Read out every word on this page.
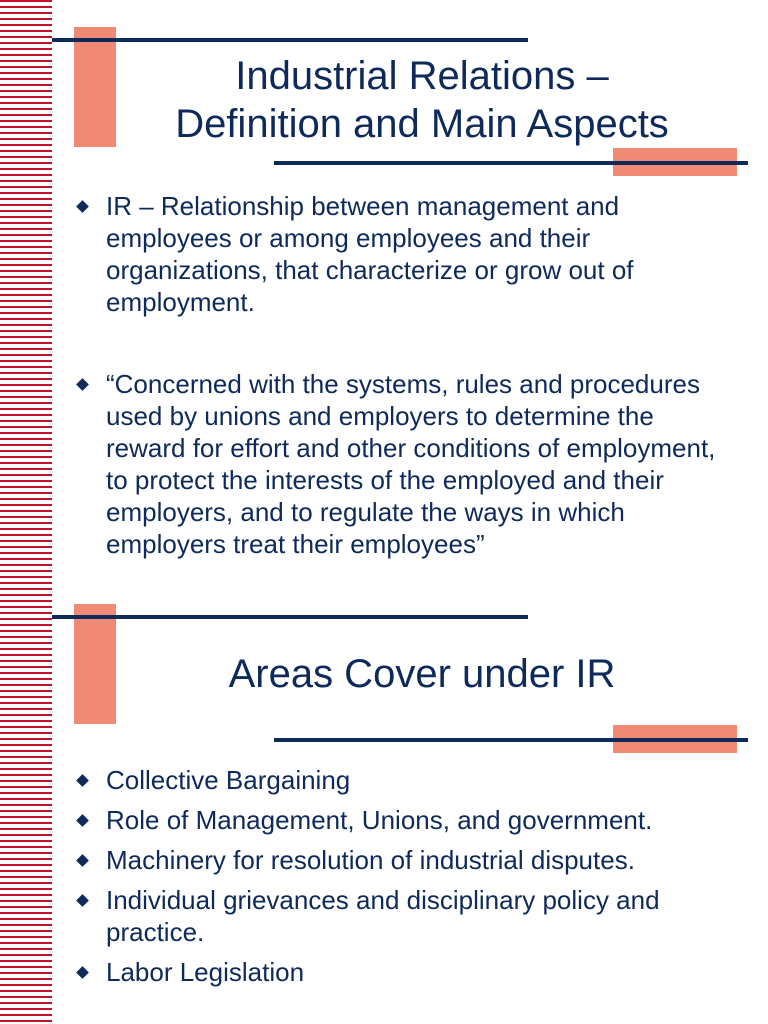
Industrial Relations –
Definition and Main Aspects
IR – Relationship between management and employees or among employees and their organizations, that characterize or grow out of employment.
“Concerned with the systems, rules and procedures used by unions and employers to determine the reward for effort and other conditions of employment, to protect the interests of the employed and their employers, and to regulate the ways in which employers treat their employees”
Areas Cover under IR
Collective Bargaining
Role of Management, Unions, and government.
Machinery for resolution of industrial disputes.
Individual grievances and disciplinary policy and practice.
Labor Legislation
